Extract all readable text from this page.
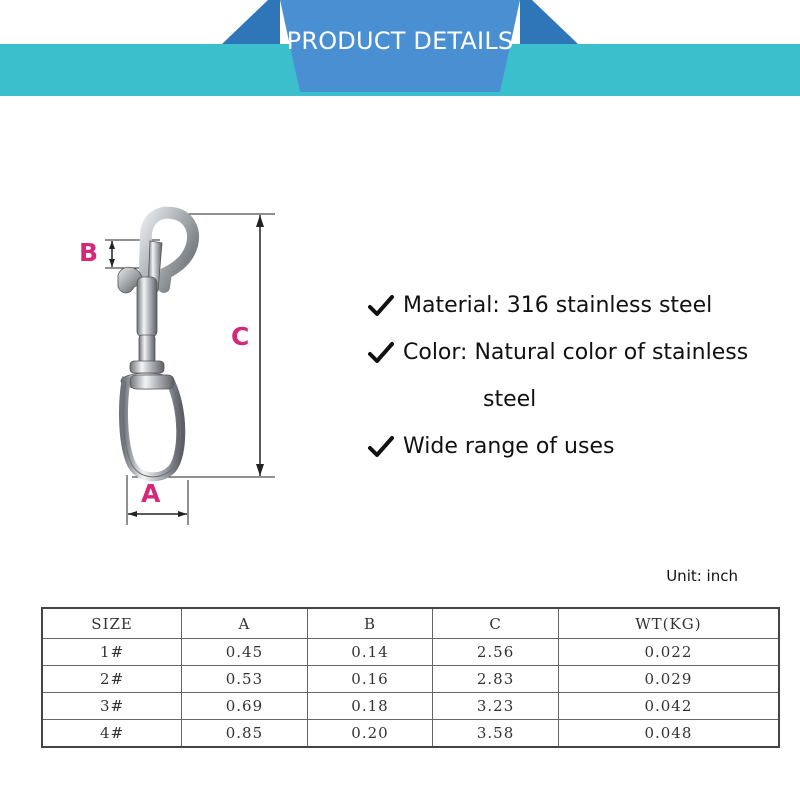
PRODUCT DETAILS
B
C
A
Material: 316 stainless steel
Color: Natural color of stainless
steel
Wide range of uses
Unit: inch
SIZE	A	B	C	WT(KG)
1#	0.45	0.14	2.56	0.022
2#	0.53	0.16	2.83	0.029
3#	0.69	0.18	3.23	0.042
4#	0.85	0.20	3.58	0.048
